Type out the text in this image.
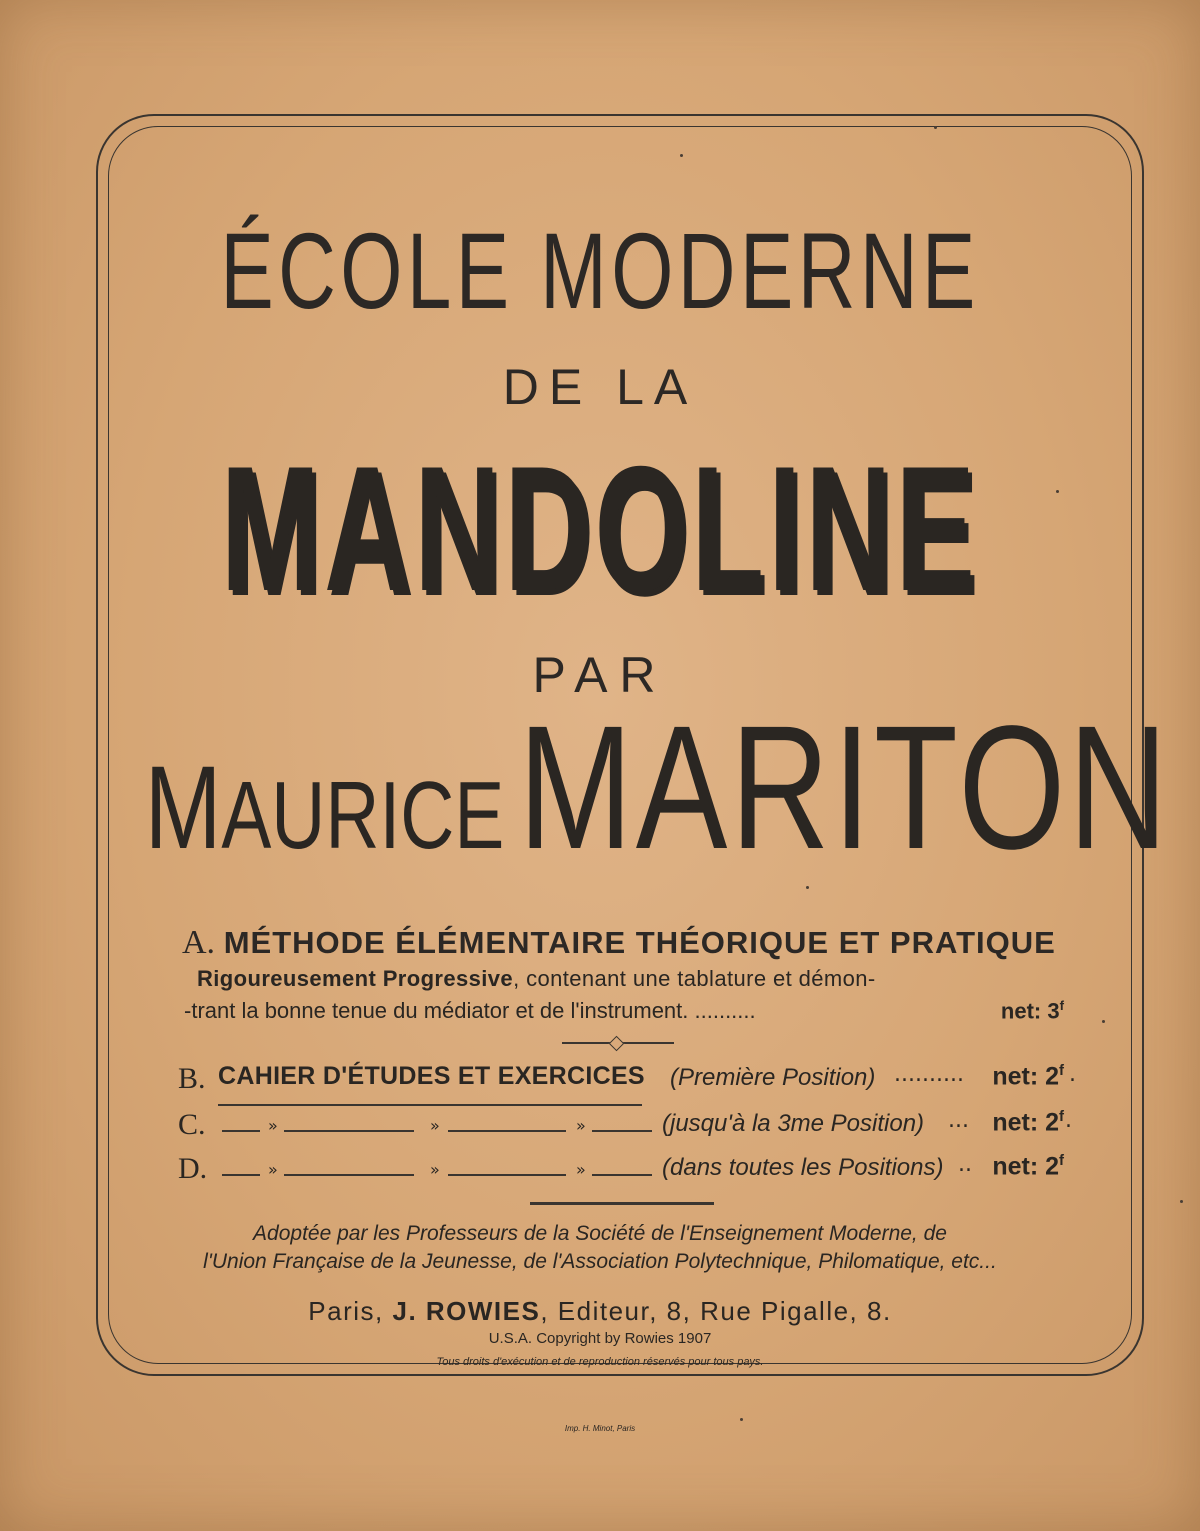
ÉCOLE MODERNE
DE LA
MANDOLINE
PAR
MAURICEMARITON
A. MÉTHODE ÉLÉMENTAIRE THÉORIQUE ET PRATIQUE
Rigoureusement Progressive, contenant une tablature et démon-
-trant la bonne tenue du médiator et de l'instrument. ..........	net: 3$^f$
B. CAHIER D'ÉTUDES ET EXERCICES (Première Position) .......... net: 2$^f$ .
C.	»	»	»	(jusqu'à la 3me Position) ... net: 2$^f$ .
D.	»	»	»	(dans toutes les Positions) .. net: 2$^f$
Adoptée par les Professeurs de la Société de l'Enseignement Moderne, de
l'Union Française de la Jeunesse, de l'Association Polytechnique, Philomatique, etc...
Paris, J. ROWIES, Editeur, 8, Rue Pigalle, 8.
U.S.A. Copyright by Rowies 1907
Tous droits d'exécution et de reproduction réservés pour tous pays.
Imp. H. Minot, Paris
